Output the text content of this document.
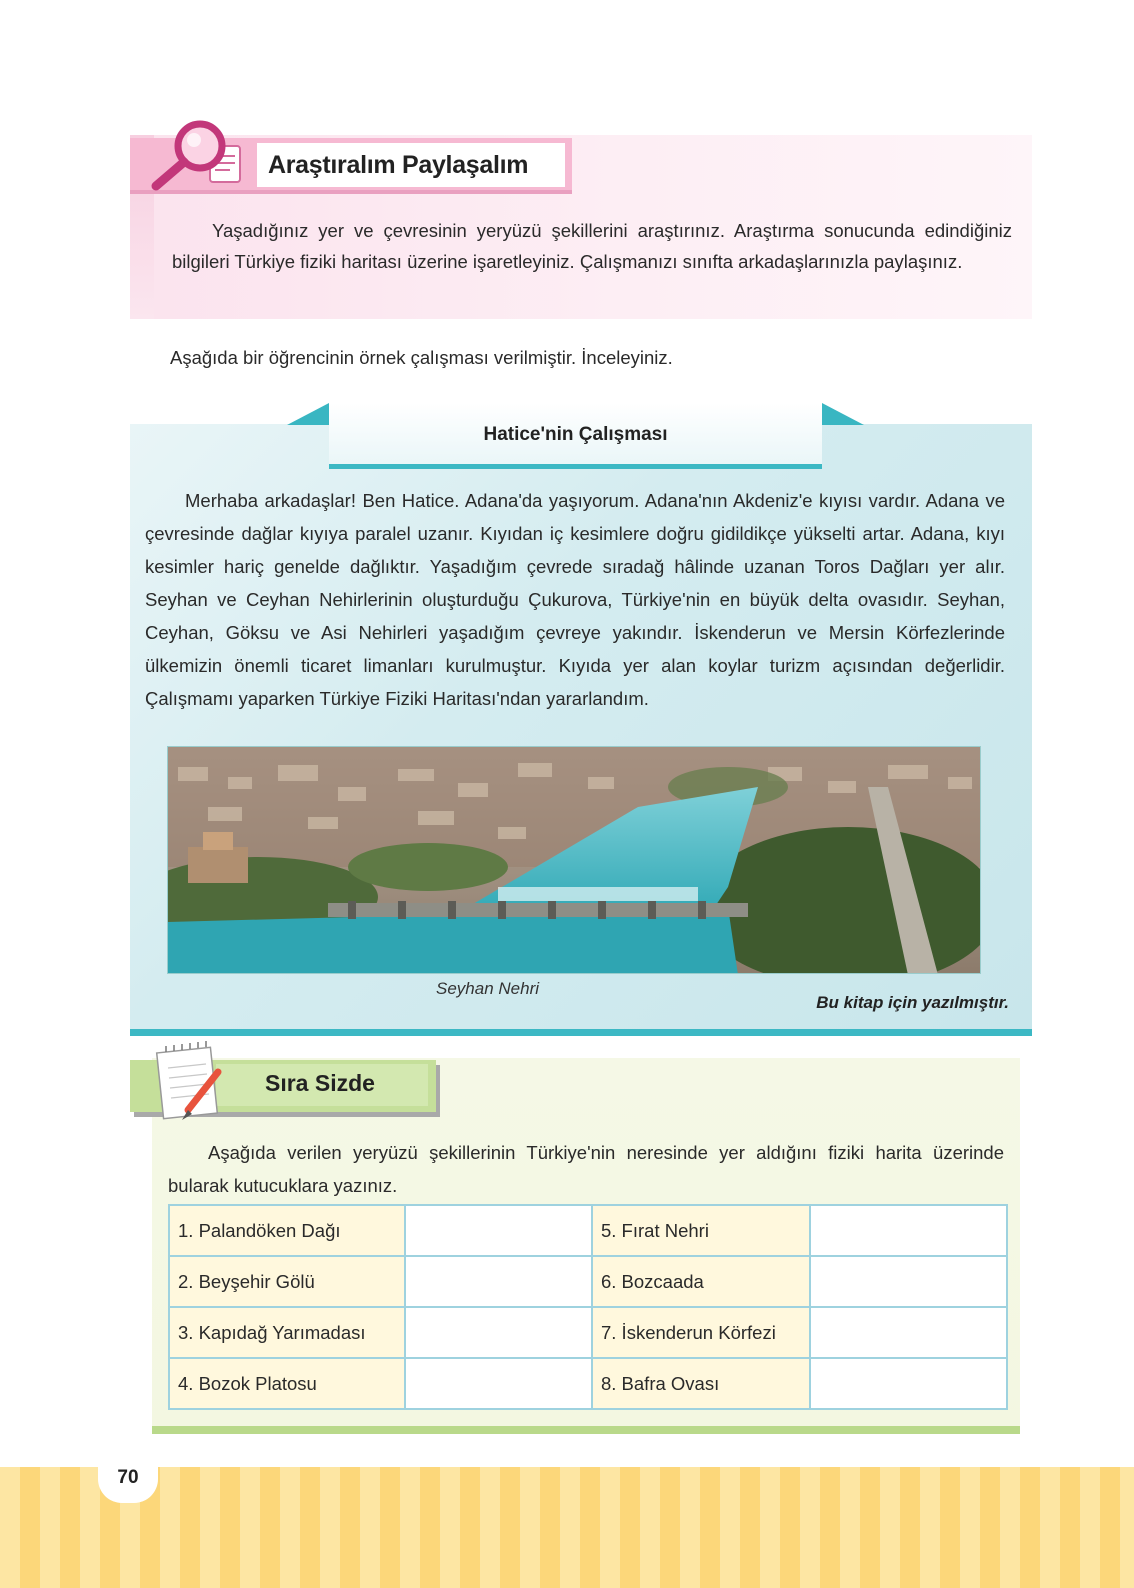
Araştıralım Paylaşalım

Yaşadığınız yer ve çevresinin yeryüzü şekillerini araştırınız. Araştırma sonucunda edindiğiniz bilgileri Türkiye fiziki haritası üzerine işaretleyiniz. Çalışmanızı sınıfta arkadaşlarınızla paylaşınız.

Aşağıda bir öğrencinin örnek çalışması verilmiştir. İnceleyiniz.

Hatice'nin Çalışması

Merhaba arkadaşlar! Ben Hatice. Adana'da yaşıyorum. Adana'nın Akdeniz'e kıyısı vardır. Adana ve çevresinde dağlar kıyıya paralel uzanır. Kıyıdan iç kesimlere doğru gidildikçe yükselti artar. Adana, kıyı kesimler hariç genelde dağlıktır. Yaşadığım çevrede sıradağ hâlinde uzanan Toros Dağları yer alır. Seyhan ve Ceyhan Nehirlerinin oluşturduğu Çukurova, Türkiye'nin en büyük delta ovasıdır. Seyhan, Ceyhan, Göksu ve Asi Nehirleri yaşadığım çevreye yakındır. İskenderun ve Mersin Körfezlerinde ülkemizin önemli ticaret limanları kurulmuştur. Kıyıda yer alan koylar turizm açısından değerlidir. Çalışmamı yaparken Türkiye Fiziki Haritası'ndan yararlandım.

Seyhan Nehri
Bu kitap için yazılmıştır.
Sıra Sizde

Aşağıda verilen yeryüzü şekillerinin Türkiye'nin neresinde yer aldığını fiziki harita üzerinde bularak kutucuklara yazınız.

1. Palandöken Dağı		5. Fırat Nehri	
2. Beyşehir Gölü		6. Bozcaada	
3. Kapıdağ Yarımadası		7. İskenderun Körfezi	
4. Bozok Platosu		8. Bafra Ovası	
70
